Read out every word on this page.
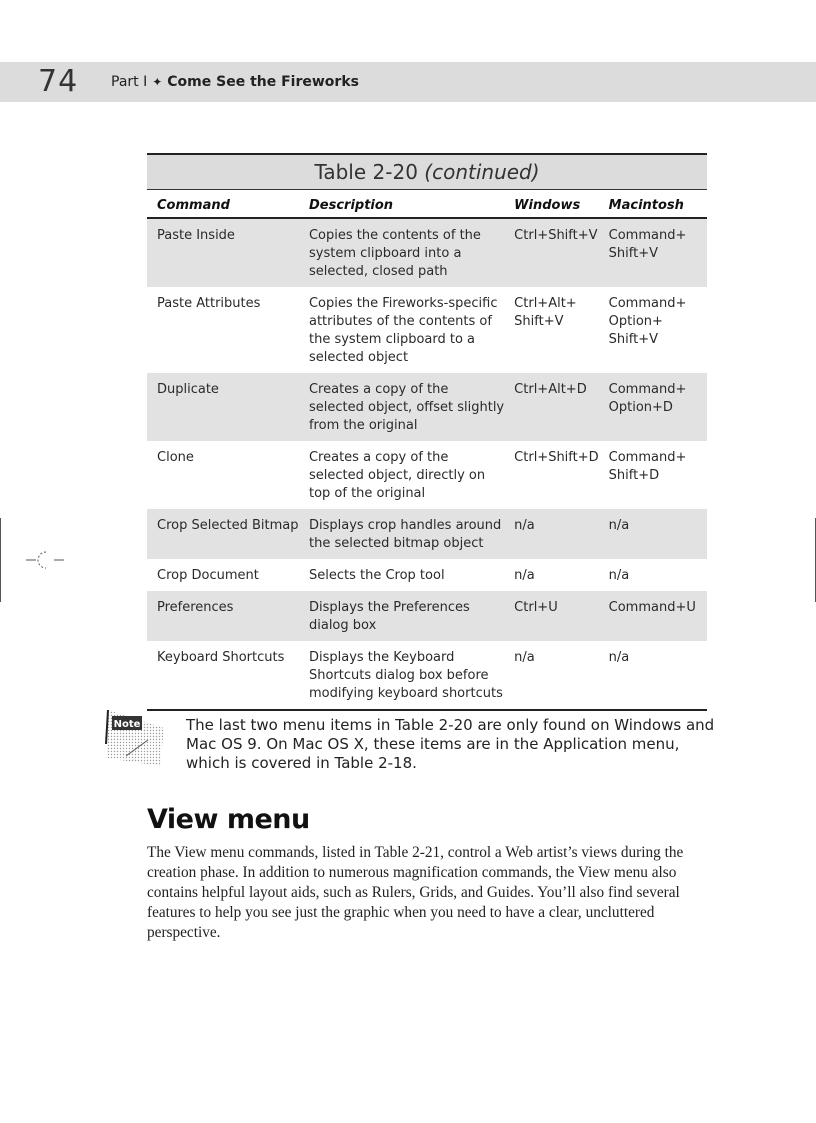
74 Part I ✦ Come See the Fireworks
Table 2-20 (continued)
Command	Description	Windows	Macintosh
Paste Inside	Copies the contents of the system clipboard into a selected, closed path	Ctrl+Shift+V	Command+ Shift+V
Paste Attributes	Copies the Fireworks-specific attributes of the contents of the system clipboard to a selected object	Ctrl+Alt+ Shift+V	Command+ Option+ Shift+V
Duplicate	Creates a copy of the selected object, offset slightly from the original	Ctrl+Alt+D	Command+ Option+D
Clone	Creates a copy of the selected object, directly on top of the original	Ctrl+Shift+D	Command+ Shift+D
Crop Selected Bitmap	Displays crop handles around the selected bitmap object	n/a	n/a
Crop Document	Selects the Crop tool	n/a	n/a
Preferences	Displays the Preferences dialog box	Ctrl+U	Command+U
Keyboard Shortcuts	Displays the Keyboard Shortcuts dialog box before modifying keyboard shortcuts	n/a	n/a
Note	The last two menu items in Table 2-20 are only found on Windows and Mac OS 9. On Mac OS X, these items are in the Application menu, which is covered in Table 2-18.
View menu
The View menu commands, listed in Table 2-21, control a Web artist’s views during the creation phase. In addition to numerous magnification commands, the View menu also contains helpful layout aids, such as Rulers, Grids, and Guides. You’ll also find several features to help you see just the graphic when you need to have a clear, uncluttered perspective.
